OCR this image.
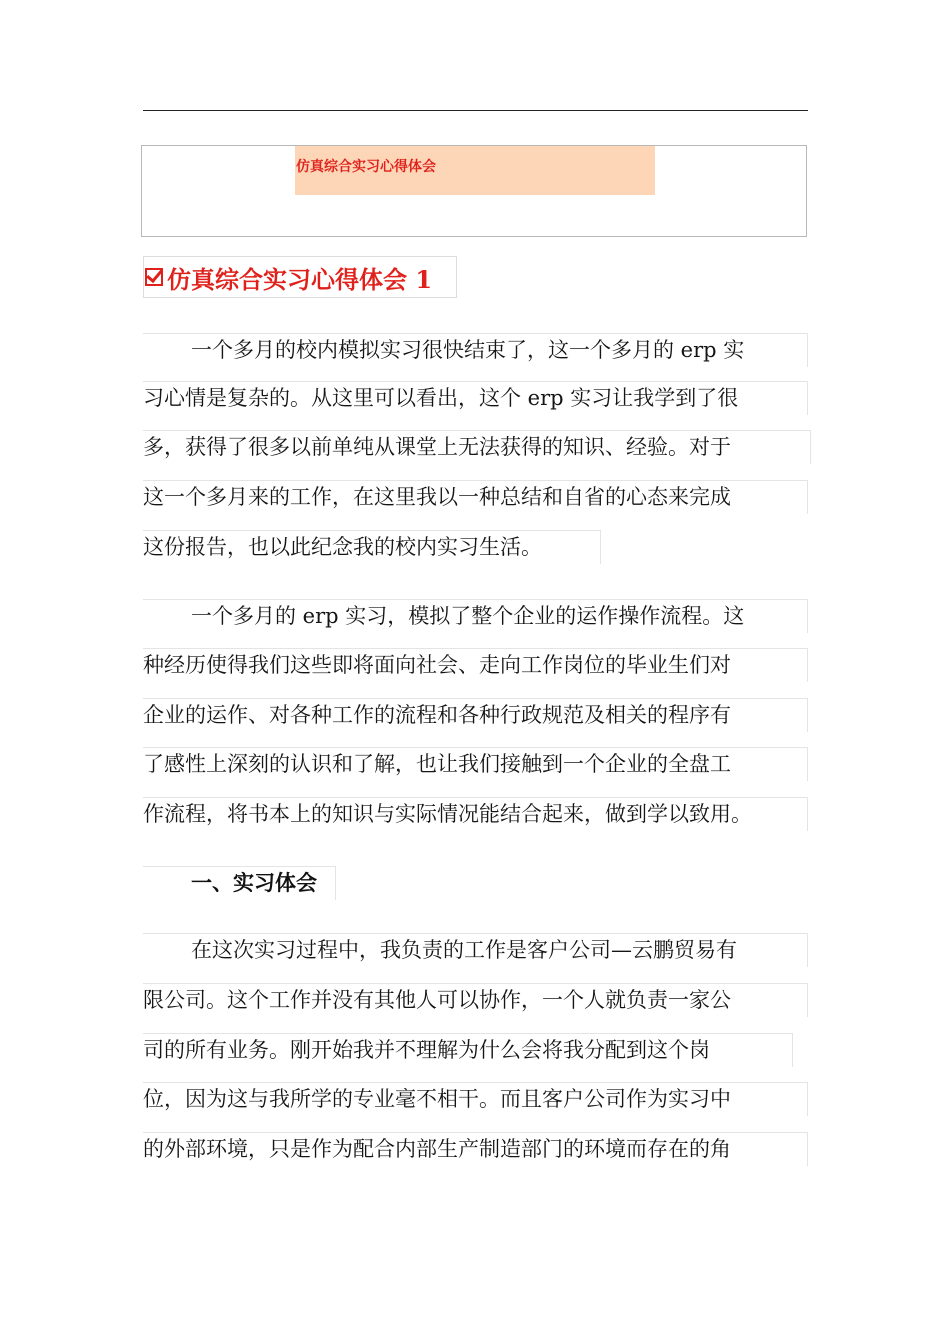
仿真综合实习心得体会
仿真综合实习心得体会 1
一个多月的校内模拟实习很快结束了，这一个多月的 erp 实
习心情是复杂的。从这里可以看出，这个 erp 实习让我学到了很
多，获得了很多以前单纯从课堂上无法获得的知识、经验。对于
这一个多月来的工作，在这里我以一种总结和自省的心态来完成
这份报告，也以此纪念我的校内实习生活。
一个多月的 erp 实习，模拟了整个企业的运作操作流程。这
种经历使得我们这些即将面向社会、走向工作岗位的毕业生们对
企业的运作、对各种工作的流程和各种行政规范及相关的程序有
了感性上深刻的认识和了解，也让我们接触到一个企业的全盘工
作流程，将书本上的知识与实际情况能结合起来，做到学以致用。
一、实习体会
在这次实习过程中，我负责的工作是客户公司—云鹏贸易有
限公司。这个工作并没有其他人可以协作，一个人就负责一家公
司的所有业务。刚开始我并不理解为什么会将我分配到这个岗
位，因为这与我所学的专业毫不相干。而且客户公司作为实习中
的外部环境，只是作为配合内部生产制造部门的环境而存在的角
